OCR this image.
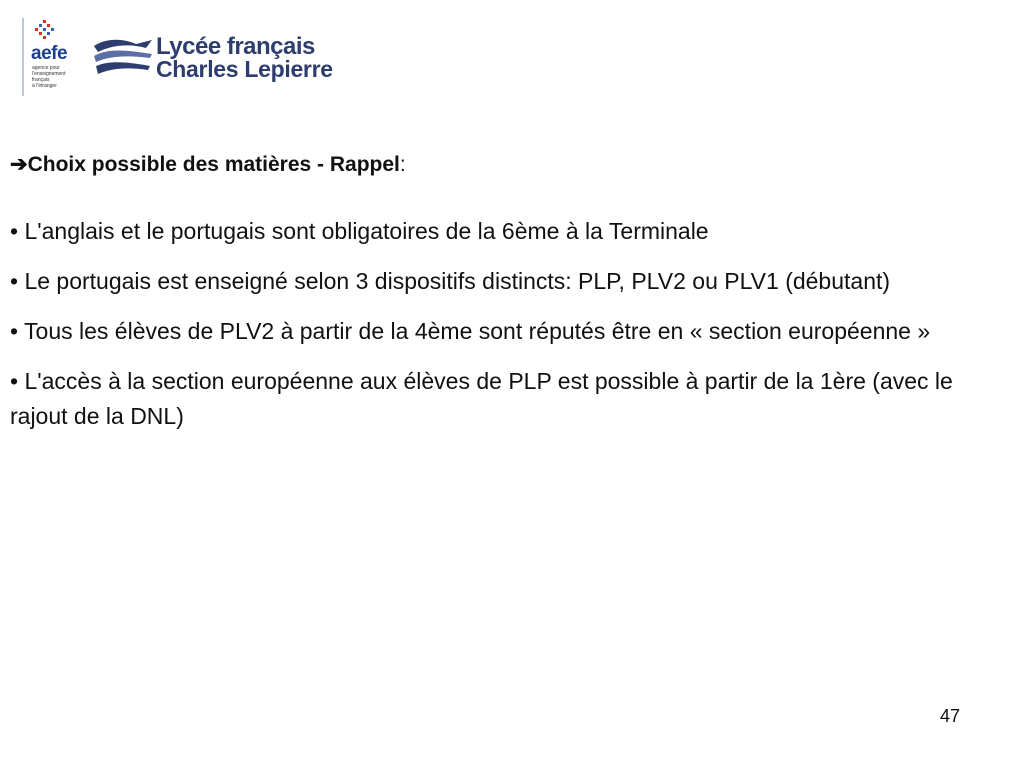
aefe
agence pour
l'enseignement
français
à l'étranger
Lycée français
Charles Lepierre
➔Choix possible des matières - Rappel:
• L'anglais et le portugais sont obligatoires de la 6ème à la Terminale
• Le portugais est enseigné selon 3 dispositifs distincts: PLP, PLV2 ou PLV1 (débutant)
• Tous les élèves de PLV2 à partir de la 4ème sont réputés être en « section européenne »
• L'accès à la section européenne aux élèves de PLP est possible à partir de la 1ère (avec le rajout de la DNL)
47
